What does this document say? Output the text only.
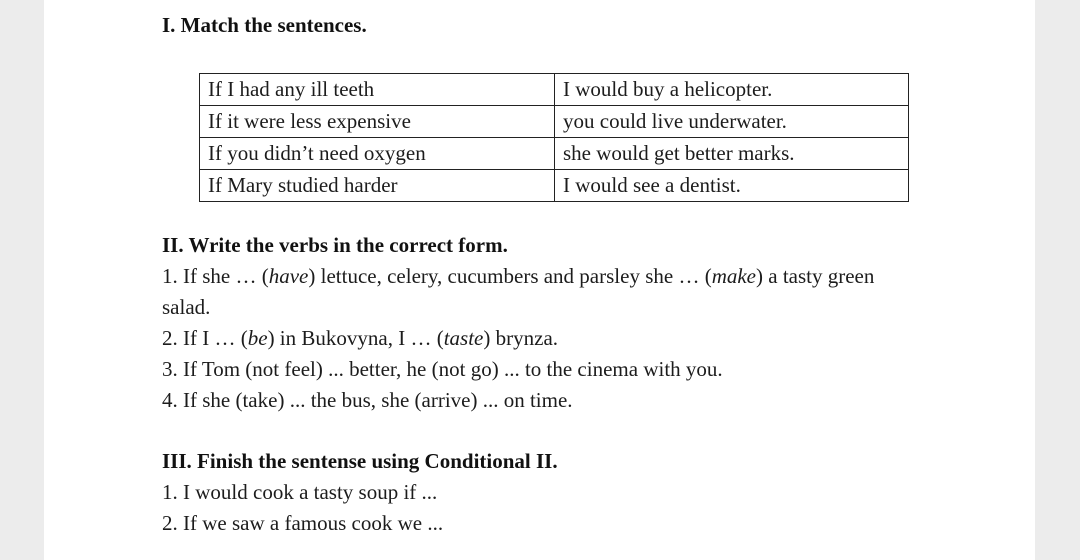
I. Match the sentences.
If I had any ill teeth	I would buy a helicopter.
If it were less expensive	you could live underwater.
If you didn’t need oxygen	she would get better marks.
If Mary studied harder	I would see a dentist.
II. Write the verbs in the correct form.
1. If she … (have) lettuce, celery, cucumbers and parsley she … (make) a tasty green
salad.
2. If I … (be) in Bukovyna, I … (taste) brynza.
3. If Tom (not feel) ... better, he (not go) ... to the cinema with you.
4. If she (take) ... the bus, she (arrive) ... on time.
III. Finish the sentense using Conditional II.
1. I would cook a tasty soup if ...
2. If we saw a famous cook we ...
